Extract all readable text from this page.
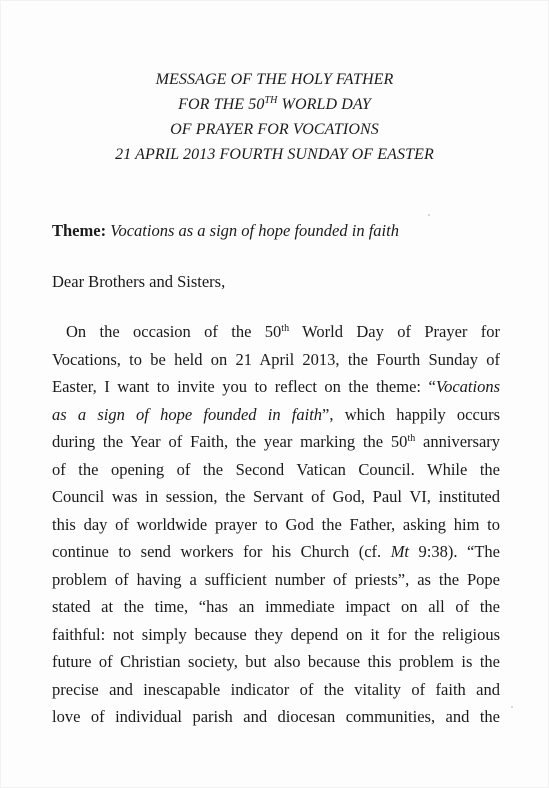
MESSAGE OF THE HOLY FATHER
FOR THE 50TH WORLD DAY
OF PRAYER FOR VOCATIONS
21 APRIL 2013 FOURTH SUNDAY OF EASTER
Theme: Vocations as a sign of hope founded in faith
Dear Brothers and Sisters,
On the occasion of the 50th World Day of Prayer for
Vocations, to be held on 21 April 2013, the Fourth Sunday of
Easter, I want to invite you to reflect on the theme: “Vocations
as a sign of hope founded in faith”, which happily occurs
during the Year of Faith, the year marking the 50th anniversary
of the opening of the Second Vatican Council. While the
Council was in session, the Servant of God, Paul VI, instituted
this day of worldwide prayer to God the Father, asking him to
continue to send workers for his Church (cf. Mt 9:38). “The
problem of having a sufficient number of priests”, as the Pope
stated at the time, “has an immediate impact on all of the
faithful: not simply because they depend on it for the religious
future of Christian society, but also because this problem is the
precise and inescapable indicator of the vitality of faith and
love of individual parish and diocesan communities, and the
